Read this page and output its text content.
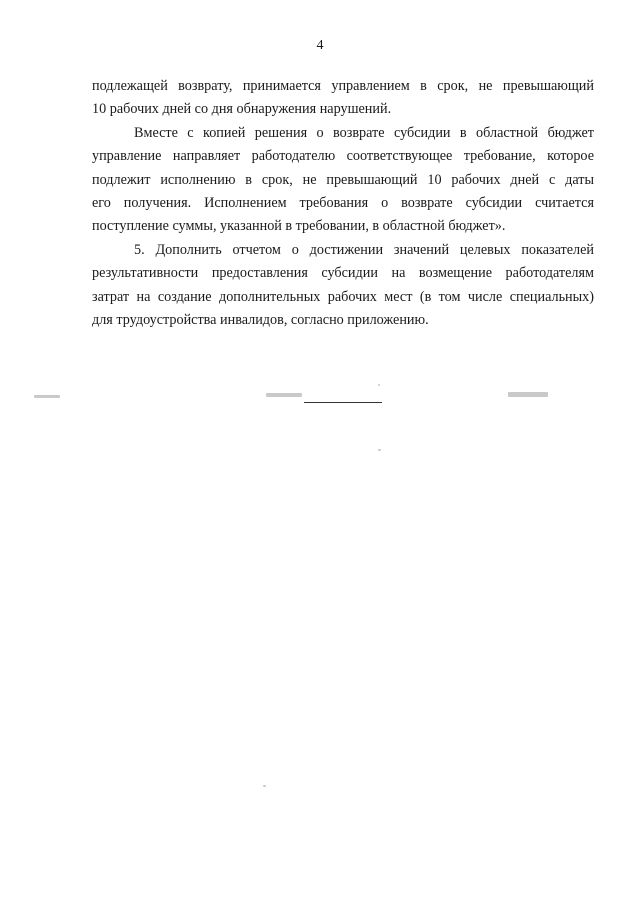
4

подлежащей возврату, принимается управлением в срок, не превышающий
10 рабочих дней со дня обнаружения нарушений.

Вместе с копией решения о возврате субсидии в областной бюджет
управление направляет работодателю соответствующее требование, которое
подлежит исполнению в срок, не превышающий 10 рабочих дней с даты
его получения. Исполнением требования о возврате субсидии считается
поступление суммы, указанной в требовании, в областной бюджет».

5. Дополнить отчетом о достижении значений целевых показателей
результативности предоставления субсидии на возмещение работодателям
затрат на создание дополнительных рабочих мест (в том числе специальных)
для трудоустройства инвалидов, согласно приложению.
